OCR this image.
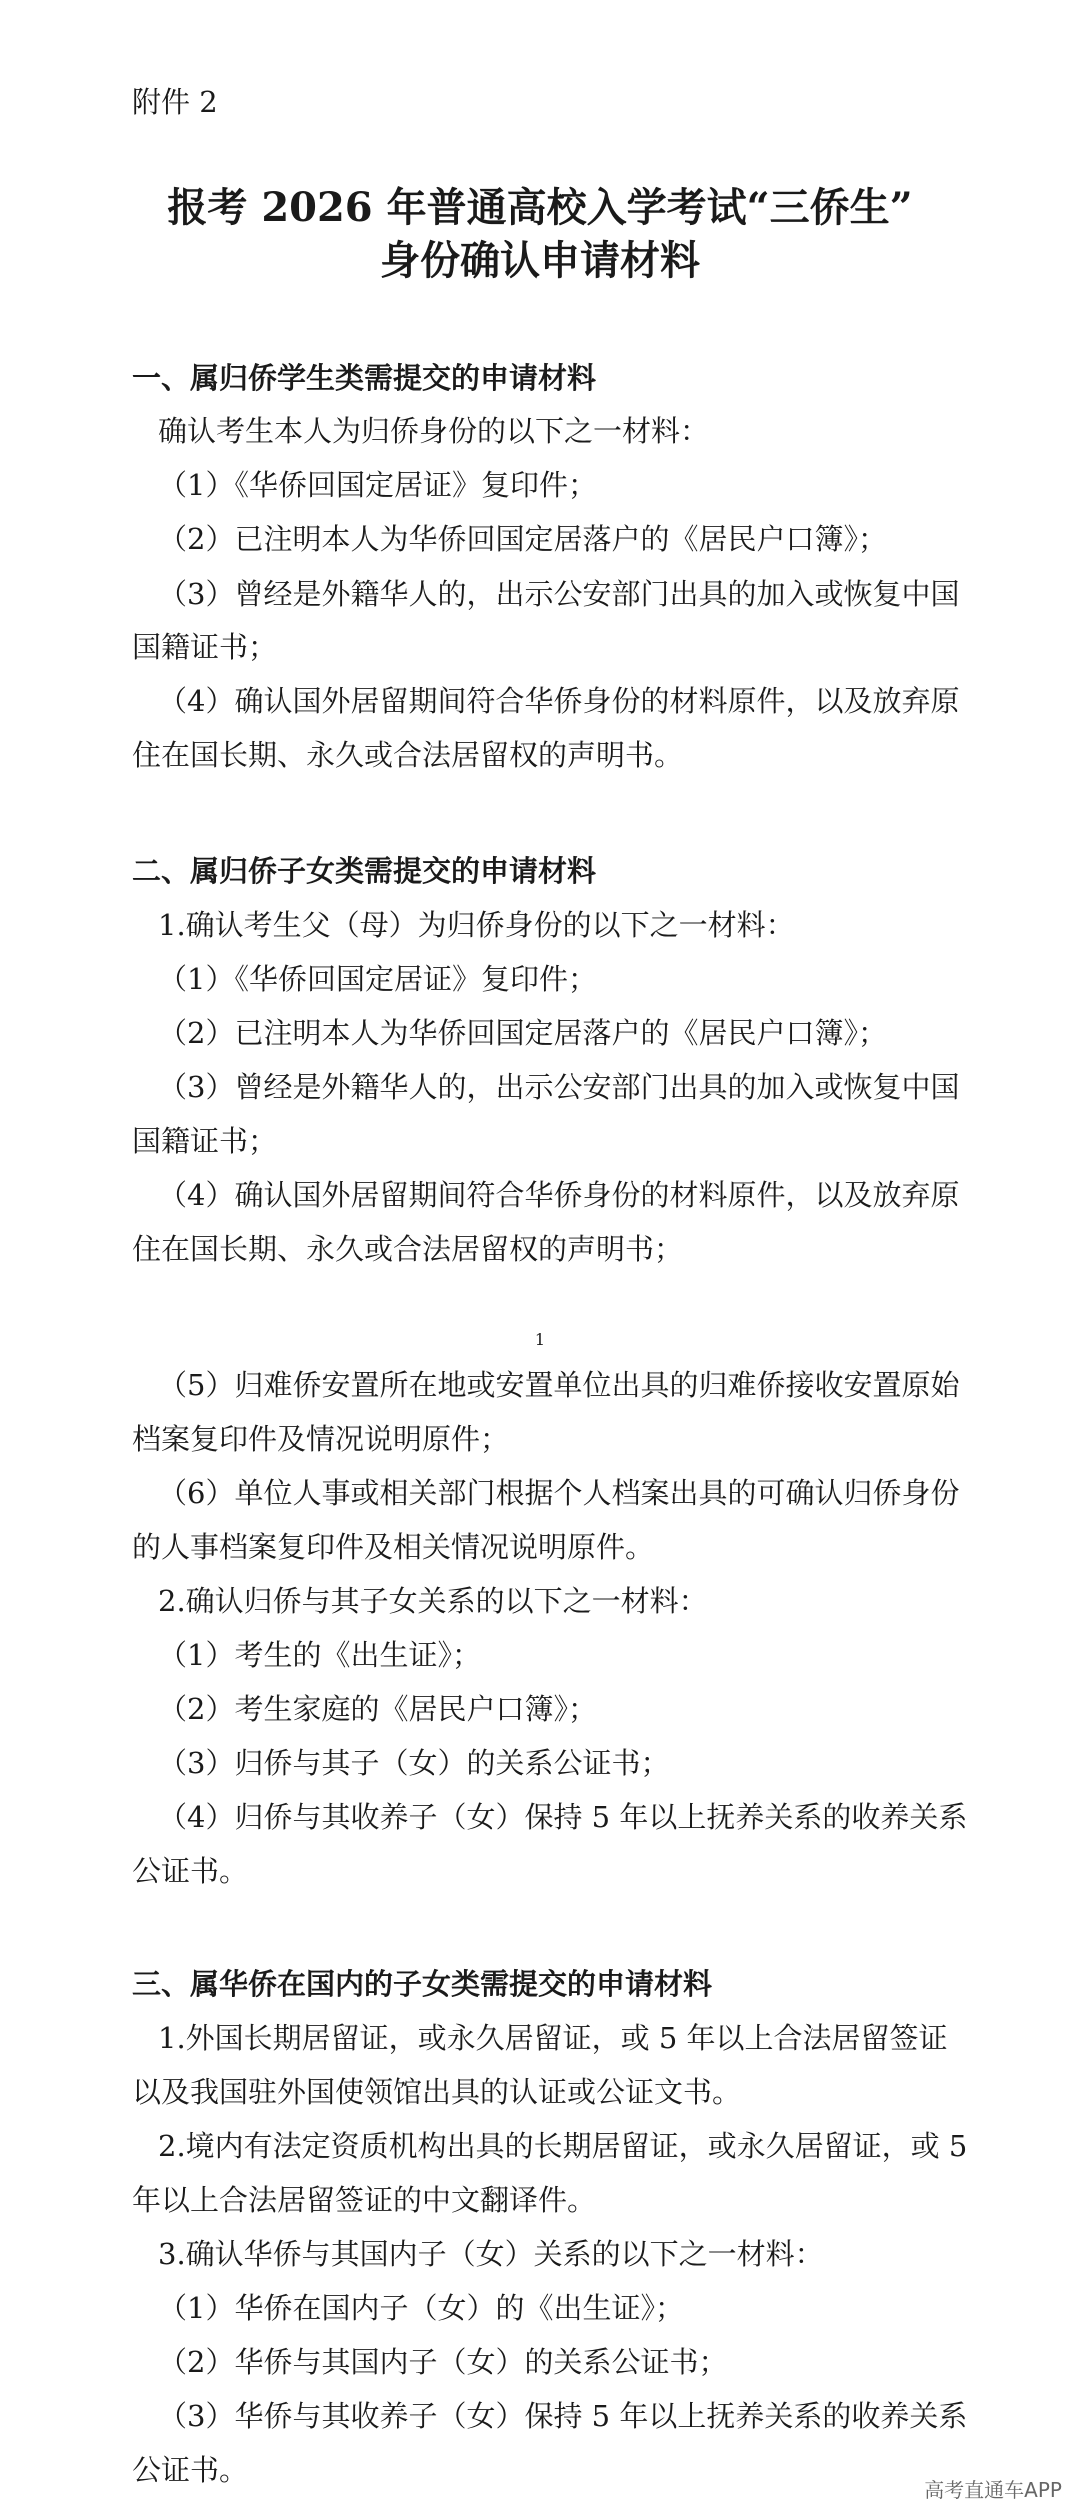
附件 2
报考 2026 年普通高校入学考试“三侨生”
身份确认申请材料
一、属归侨学生类需提交的申请材料
确认考生本人为归侨身份的以下之一材料：
（1）《华侨回国定居证》复印件；
（2）已注明本人为华侨回国定居落户的《居民户口簿》；
（3）曾经是外籍华人的，出示公安部门出具的加入或恢复中国
国籍证书；
（4）确认国外居留期间符合华侨身份的材料原件，以及放弃原
住在国长期、永久或合法居留权的声明书。
二、属归侨子女类需提交的申请材料
1.确认考生父（母）为归侨身份的以下之一材料：
（1）《华侨回国定居证》复印件；
（2）已注明本人为华侨回国定居落户的《居民户口簿》；
（3）曾经是外籍华人的，出示公安部门出具的加入或恢复中国
国籍证书；
（4）确认国外居留期间符合华侨身份的材料原件，以及放弃原
住在国长期、永久或合法居留权的声明书；
1
（5）归难侨安置所在地或安置单位出具的归难侨接收安置原始
档案复印件及情况说明原件；
（6）单位人事或相关部门根据个人档案出具的可确认归侨身份
的人事档案复印件及相关情况说明原件。
2.确认归侨与其子女关系的以下之一材料：
（1）考生的《出生证》；
（2）考生家庭的《居民户口簿》；
（3）归侨与其子（女）的关系公证书；
（4）归侨与其收养子（女）保持 5 年以上抚养关系的收养关系
公证书。
三、属华侨在国内的子女类需提交的申请材料
1.外国长期居留证，或永久居留证，或 5 年以上合法居留签证
以及我国驻外国使领馆出具的认证或公证文书。
2.境内有法定资质机构出具的长期居留证，或永久居留证，或 5
年以上合法居留签证的中文翻译件。
3.确认华侨与其国内子（女）关系的以下之一材料：
（1）华侨在国内子（女）的《出生证》；
（2）华侨与其国内子（女）的关系公证书；
（3）华侨与其收养子（女）保持 5 年以上抚养关系的收养关系
公证书。
高考直通车APP
